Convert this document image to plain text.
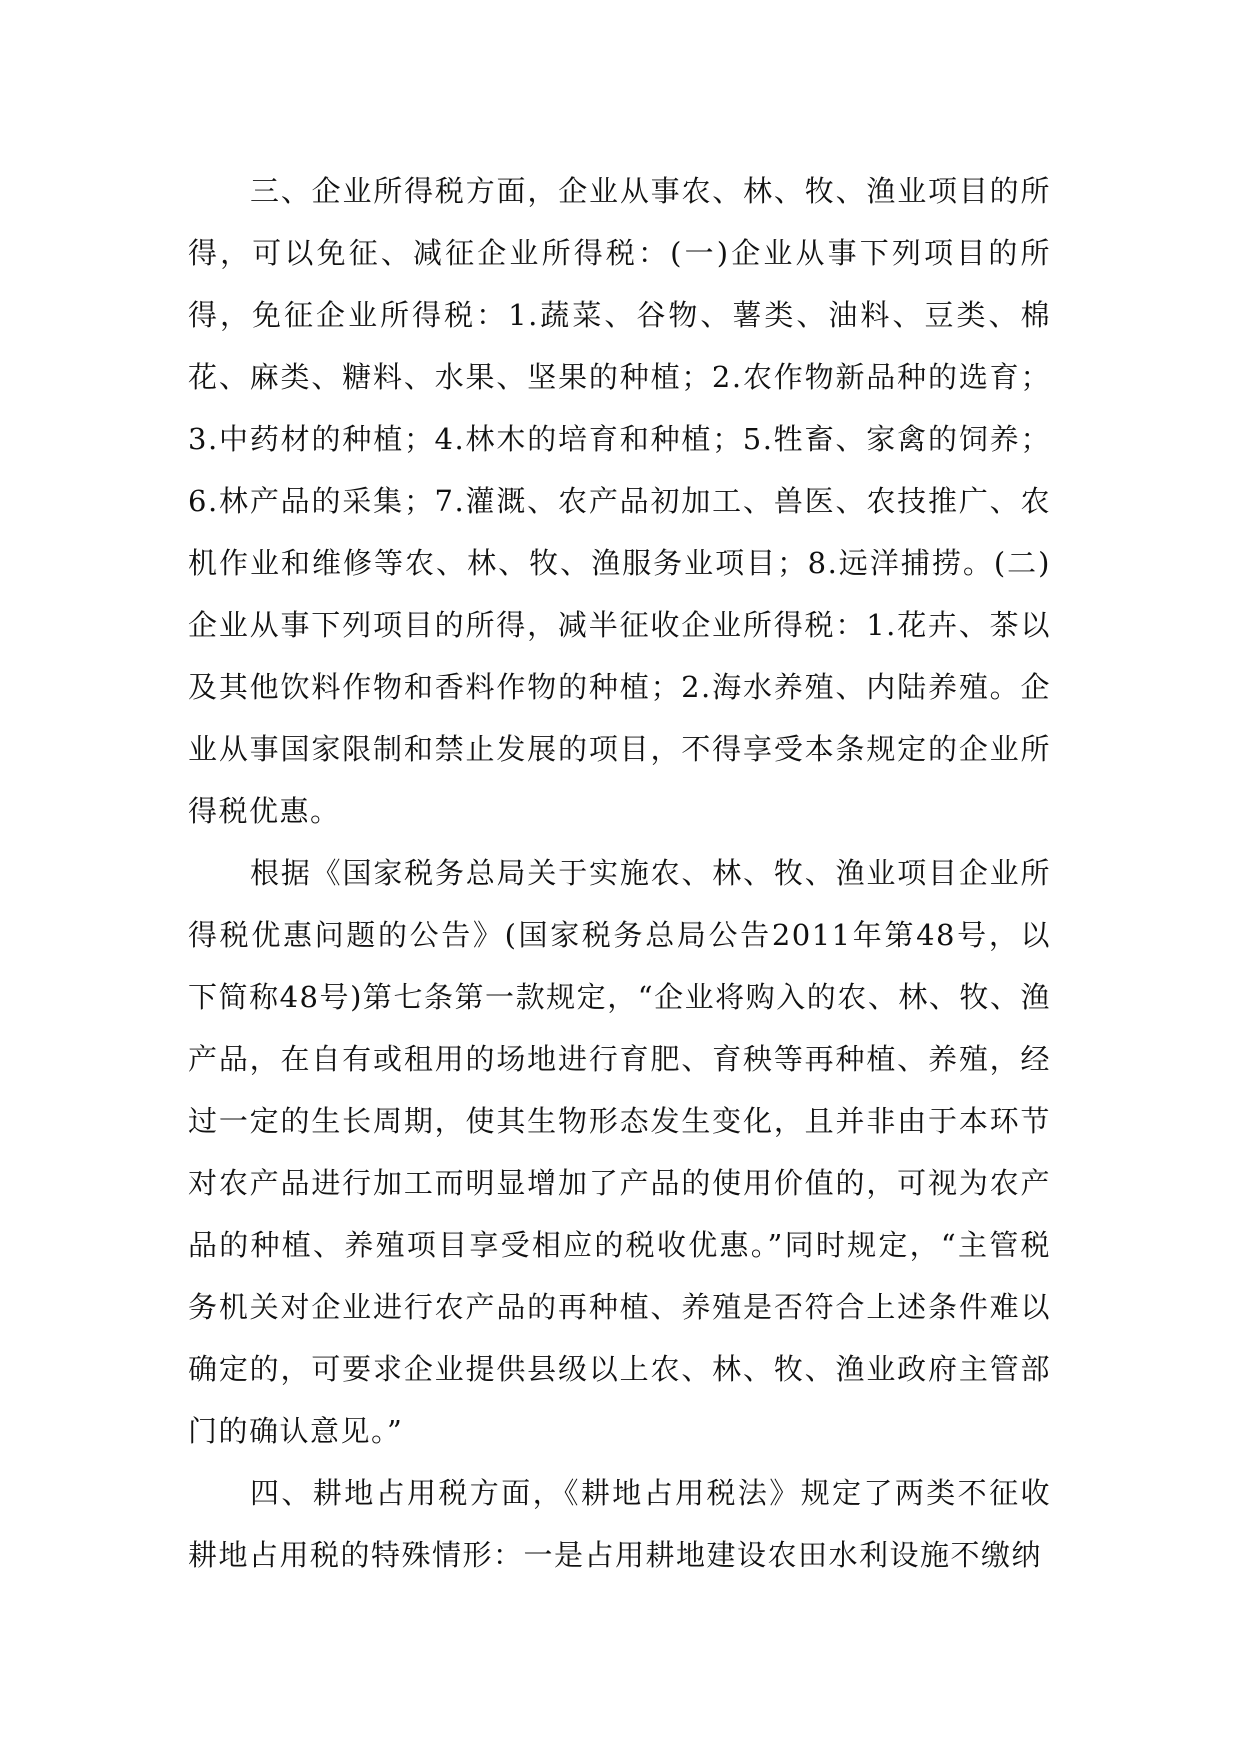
三、企业所得税方面，企业从事农、林、牧、渔业项目的所得，可以免征、减征企业所得税：(一)企业从事下列项目的所得，免征企业所得税：1.蔬菜、谷物、薯类、油料、豆类、棉花、麻类、糖料、水果、坚果的种植；2.农作物新品种的选育；3.中药材的种植；4.林木的培育和种植；5.牲畜、家禽的饲养；6.林产品的采集；7.灌溉、农产品初加工、兽医、农技推广、农机作业和维修等农、林、牧、渔服务业项目；8.远洋捕捞。(二)企业从事下列项目的所得，减半征收企业所得税：1.花卉、茶以及其他饮料作物和香料作物的种植；2.海水养殖、内陆养殖。企业从事国家限制和禁止发展的项目，不得享受本条规定的企业所得税优惠。

根据《国家税务总局关于实施农、林、牧、渔业项目企业所得税优惠问题的公告》(国家税务总局公告2011年第48号，以下简称48号)第七条第一款规定，“企业将购入的农、林、牧、渔产品，在自有或租用的场地进行育肥、育秧等再种植、养殖，经过一定的生长周期，使其生物形态发生变化，且并非由于本环节对农产品进行加工而明显增加了产品的使用价值的，可视为农产品的种植、养殖项目享受相应的税收优惠。”同时规定，“主管税务机关对企业进行农产品的再种植、养殖是否符合上述条件难以确定的，可要求企业提供县级以上农、林、牧、渔业政府主管部门的确认意见。”

四、耕地占用税方面，《耕地占用税法》规定了两类不征收耕地占用税的特殊情形：一是占用耕地建设农田水利设施不缴纳
